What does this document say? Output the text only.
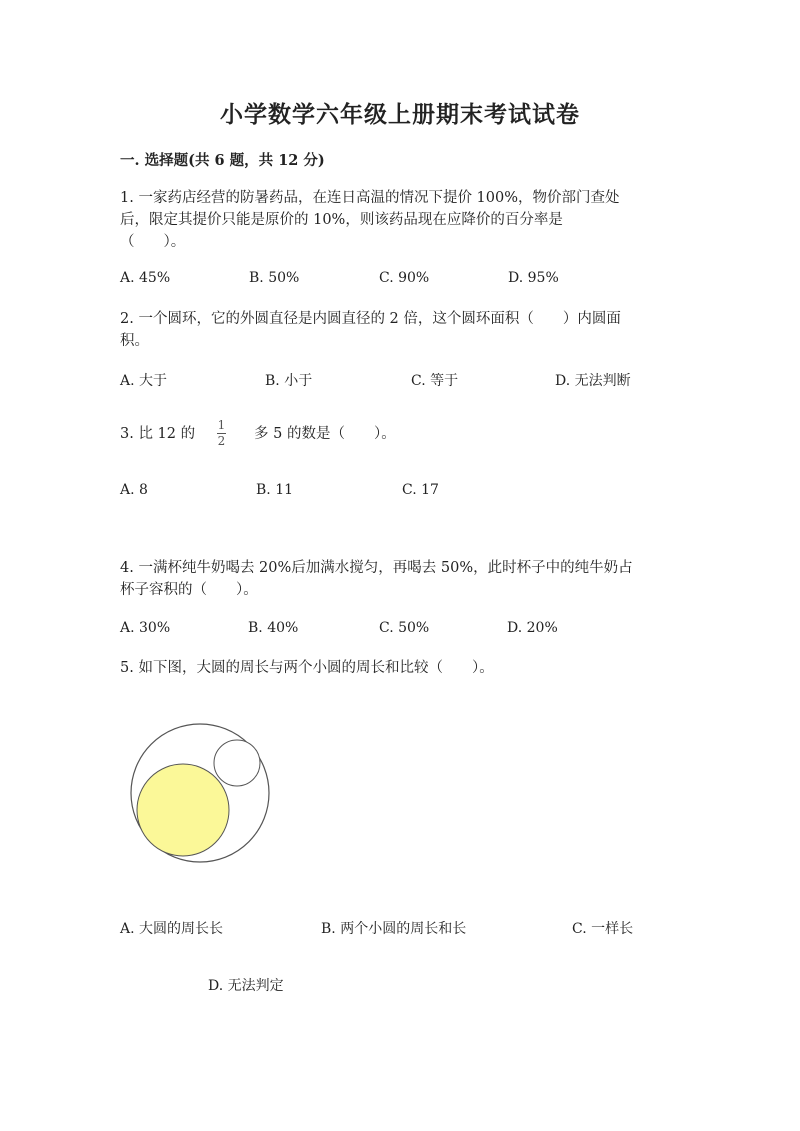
小学数学六年级上册期末考试试卷
一. 选择题(共 6 题，共 12 分)
1. 一家药店经营的防暑药品，在连日高温的情况下提价 100%，物价部门查处
后，限定其提价只能是原价的 10%，则该药品现在应降价的百分率是
（　　）。
A. 45%	B. 50%	C. 90%	D. 95%
2. 一个圆环，它的外圆直径是内圆直径的 2 倍，这个圆环面积（　　）内圆面
积。
A. 大于	B. 小于	C. 等于	D. 无法判断
3. 比 12 的
1
2 多 5 的数是（　　）。
A. 8	B. 11	C. 17
4. 一满杯纯牛奶喝去 20%后加满水搅匀，再喝去 50%，此时杯子中的纯牛奶占
杯子容积的（　　）。
A. 30%	B. 40%	C. 50%	D. 20%
5. 如下图，大圆的周长与两个小圆的周长和比较（　　）。
A. 大圆的周长长	B. 两个小圆的周长和长	C. 一样长
D. 无法判定
